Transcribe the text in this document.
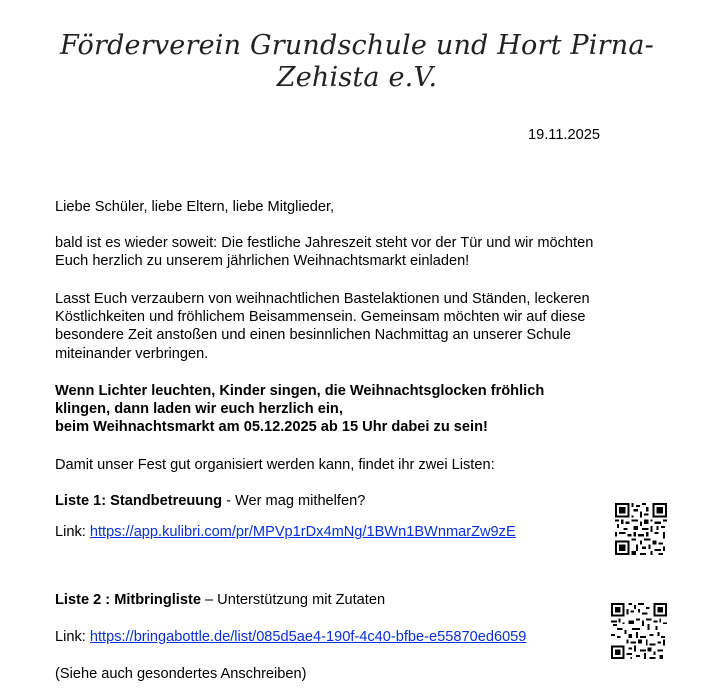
Förderverein Grundschule und Hort Pirna-
Zehista e.V.
19.11.2025

Liebe Schüler, liebe Eltern, liebe Mitglieder,

bald ist es wieder soweit: Die festliche Jahreszeit steht vor der Tür und wir möchten
Euch herzlich zu unserem jährlichen Weihnachtsmarkt einladen!

Lasst Euch verzaubern von weihnachtlichen Bastelaktionen und Ständen, leckeren
Köstlichkeiten und fröhlichem Beisammensein. Gemeinsam möchten wir auf diese
besondere Zeit anstoßen und einen besinnlichen Nachmittag an unserer Schule
miteinander verbringen.

Wenn Lichter leuchten, Kinder singen, die Weihnachtsglocken fröhlich
klingen, dann laden wir euch herzlich ein,
beim Weihnachtsmarkt am 05.12.2025 ab 15 Uhr dabei zu sein!

Damit unser Fest gut organisiert werden kann, findet ihr zwei Listen:

Liste 1: Standbetreuung - Wer mag mithelfen?

Link: https://app.kulibri.com/pr/MPVp1rDx4mNg/1BWn1BWnmarZw9zE

Liste 2 : Mitbringliste – Unterstützung mit Zutaten

Link: https://bringabottle.de/list/085d5ae4-190f-4c40-bfbe-e55870ed6059

(Siehe auch gesondertes Anschreiben)
